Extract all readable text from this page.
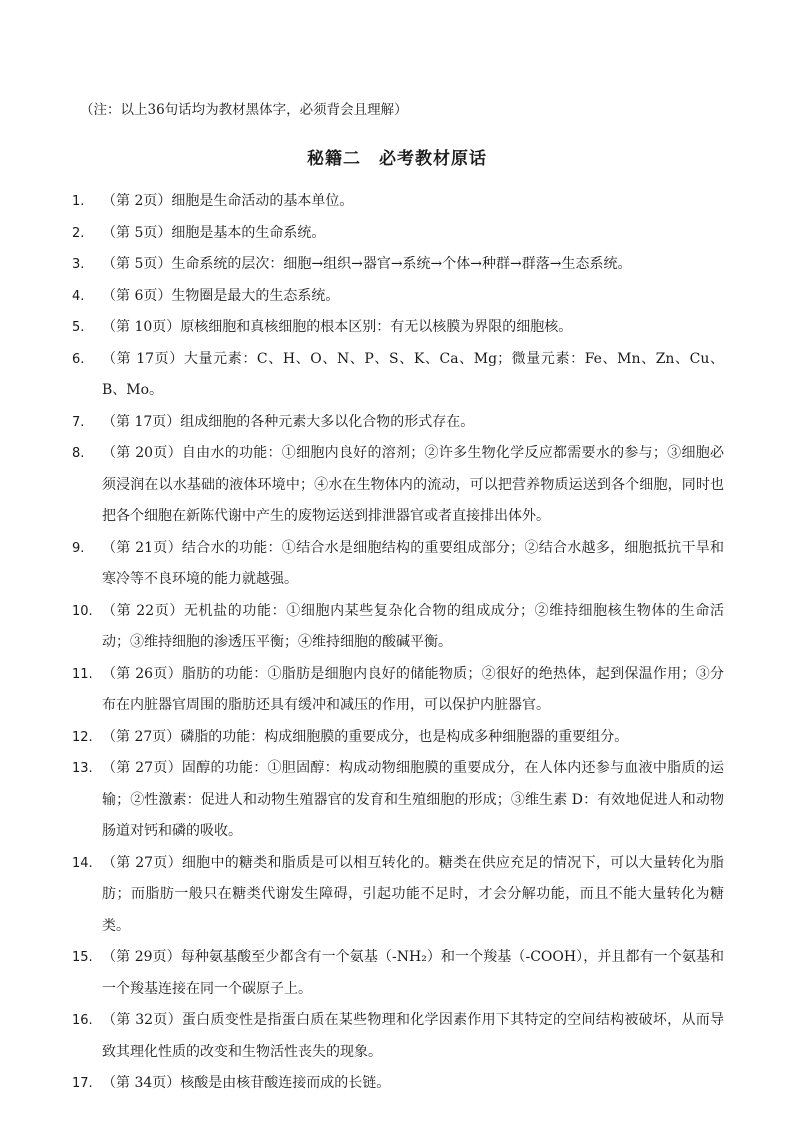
（注：以上36句话均为教材黑体字，必须背会且理解）
秘籍二　必考教材原话
1.	（第 2页）细胞是生命活动的基本单位。
2.	（第 5页）细胞是基本的生命系统。
3.	（第 5页）生命系统的层次：细胞→组织→器官→系统→个体→种群→群落→生态系统。
4.	（第 6页）生物圈是最大的生态系统。
5.	（第 10页）原核细胞和真核细胞的根本区别：有无以核膜为界限的细胞核。
6.	（第 17页）大量元素：C、H、O、N、P、S、K、Ca、Mg；微量元素：Fe、Mn、Zn、Cu、B、Mo。
7.	（第 17页）组成细胞的各种元素大多以化合物的形式存在。
8.	（第 20页）自由水的功能：①细胞内良好的溶剂；②许多生物化学反应都需要水的参与；③细胞必须浸润在以水基础的液体环境中；④水在生物体内的流动，可以把营养物质运送到各个细胞，同时也把各个细胞在新陈代谢中产生的废物运送到排泄器官或者直接排出体外。
9.	（第 21页）结合水的功能：①结合水是细胞结构的重要组成部分；②结合水越多，细胞抵抗干旱和寒冷等不良环境的能力就越强。
10. （第 22页）无机盐的功能：①细胞内某些复杂化合物的组成成分；②维持细胞核生物体的生命活动；③维持细胞的渗透压平衡；④维持细胞的酸碱平衡。
11. （第 26页）脂肪的功能：①脂肪是细胞内良好的储能物质；②很好的绝热体，起到保温作用；③分布在内脏器官周围的脂肪还具有缓冲和减压的作用，可以保护内脏器官。
12. （第 27页）磷脂的功能：构成细胞膜的重要成分，也是构成多种细胞器的重要组分。
13. （第 27页）固醇的功能：①胆固醇：构成动物细胞膜的重要成分，在人体内还参与血液中脂质的运输；②性激素：促进人和动物生殖器官的发育和生殖细胞的形成；③维生素 D：有效地促进人和动物肠道对钙和磷的吸收。
14. （第 27页）细胞中的糖类和脂质是可以相互转化的。糖类在供应充足的情况下，可以大量转化为脂肪；而脂肪一般只在糖类代谢发生障碍，引起功能不足时，才会分解功能，而且不能大量转化为糖类。
15. （第 29页）每种氨基酸至少都含有一个氨基（-NH₂）和一个羧基（-COOH），并且都有一个氨基和一个羧基连接在同一个碳原子上。
16. （第 32页）蛋白质变性是指蛋白质在某些物理和化学因素作用下其特定的空间结构被破坏，从而导致其理化性质的改变和生物活性丧失的现象。
17. （第 34页）核酸是由核苷酸连接而成的长链。
